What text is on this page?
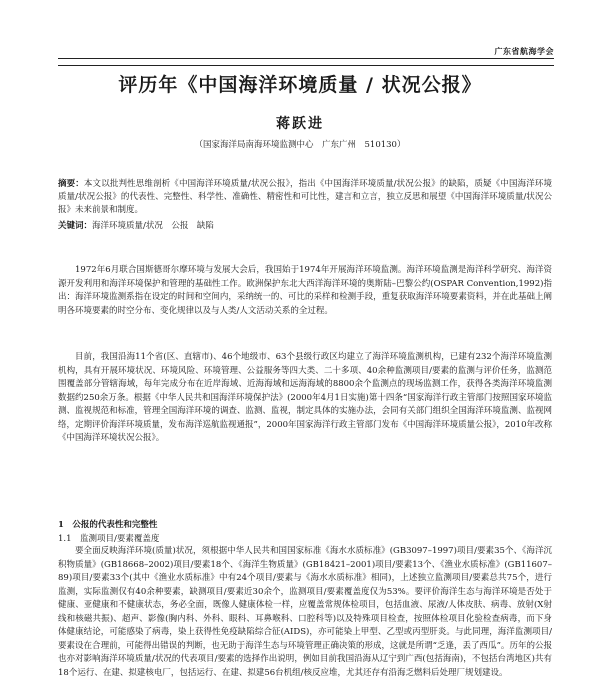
广东省航海学会
评历年《中国海洋环境质量 / 状况公报》
蒋跃进
（国家海洋局南海环境监测中心　广东广州　510130）

摘要：本文以批判性思维剖析《中国海洋环境质量/状况公报》，指出《中国海洋环境质量/状况公报》的缺陷，质疑《中国海洋环境质量/状况公报》的代表性、完整性、科学性、准确性、精密性和可比性，建言和立言，独立反思和展望《中国海洋环境质量/状况公报》未来前景和制度。

关键词：海洋环境质量/状况　公报　缺陷

1972年6月联合国斯德哥尔摩环境与发展大会后，我国始于1974年开展海洋环境监测。海洋环境监测是海洋科学研究、海洋资源开发利用和海洋环境保护和管理的基础性工作。欧洲保护东北大西洋海洋环境的奥斯陆–巴黎公约(OSPAR Convention,1992)指出：海洋环境监测系指在设定的时间和空间内，采纳统一的、可比的采样和检测手段，重复获取海洋环境要素资料，并在此基础上阐明各环境要素的时空分布、变化规律以及与人类/人文活动关系的全过程。

目前，我国沿海11个省(区、直辖市)、46个地级市、63个县级行政区均建立了海洋环境监测机构，已建有232个海洋环境监测机构，具有开展环境状况、环境风险、环境管理、公益服务等四大类、二十多项、40余种监测项目/要素的监测与评价任务，监测范围覆盖部分管辖海域，每年完成分布在近岸海域、近海海域和远海海域的8800余个监测点的现场监测工作，获得各类海洋环境监测数据约250余万条。根据《中华人民共和国海洋环境保护法》(2000年4月1日实施)第十四条“国家海洋行政主管部门按照国家环境监测、监视规范和标准，管理全国海洋环境的调查、监测、监视，制定具体的实施办法，会同有关部门组织全国海洋环境监测、监视网络，定期评价海洋环境质量，发布海洋巡航监视通报”，2000年国家海洋行政主管部门发布《中国海洋环境质量公报》，2010年改称《中国海洋环境状况公报》。

1　公报的代表性和完整性
1.1　监测项目/要素覆盖度

要全面反映海洋环境(质量)状况，须根据中华人民共和国国家标准《海水水质标准》(GB3097–1997)项目/要素35个、《海洋沉积物质量》(GB18668–2002)项目/要素18个、《海洋生物质量》(GB18421–2001)项目/要素13个、《渔业水质标准》(GB11607–89)项目/要素33个(其中《渔业水质标准》中有24个项目/要素与《海水水质标准》相同)，上述独立监测项目/要素总共75个，进行监测，实际监测仅有40余种要素，缺测项目/要素近30余个，监测项目/要素覆盖度仅为53%。要评价海洋生态与海洋环境是否处于健康、亚健康和不健康状态，务必全面，既像人健康体检一样，应覆盖常规体检项目，包括血液、尿液/人体皮肤、病毒、放射(X射线和核磁共振)、超声、影像(胸内科、外科、眼科、耳鼻喉科、口腔科等)以及特殊项目检查，按照体检项目化验检查病毒，而下身体健康结论，可能感染了病毒，染上获得性免疫缺陷综合征(AIDS)，亦可能染上甲型、乙型或丙型肝炎。与此同理，海洋监测项目/要素设在合理前，可能得出错误的判断，也无助于海洋生态与环境管理正确决策的形成，这就是所谓“乏逢，丢了西瓜”。历年的公报也亦对影响海洋环境质量/状况的代表项目/要素的选择作出说明，例如目前我国沿海从辽宁到广西(包括海南)，不包括台湾地区)共有18个运行、在建、拟建核电厂，包括运行、在建、拟建56台机组/核反应堆，尤其还存有沿海乏燃料后处理厂规划建设。
